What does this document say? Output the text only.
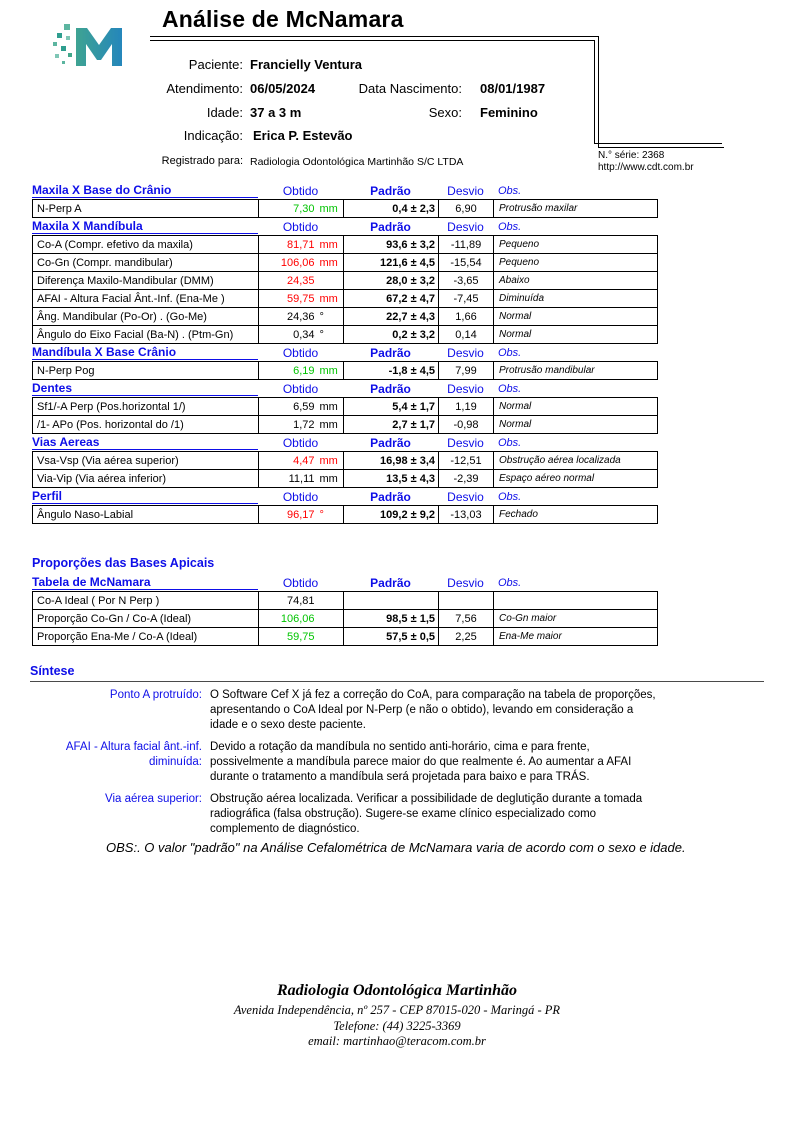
Análise de McNamara
N.° série: 2368
http://www.cdt.com.br
Paciente: Francielly Ventura
Atendimento: 06/05/2024	Data Nascimento: 08/01/1987
Idade: 37 a 3 m	Sexo: Feminino
Indicação: Erica P. Estevão
Registrado para: Radiologia Odontológica Martinhão S/C LTDA
Maxila X Base do Crânio	Obtido	Padrão	Desvio	Obs.
N-Perp A	7,30 mm	0,4 ± 2,3	6,90	Protrusão maxilar
Maxila X Mandíbula	Obtido	Padrão	Desvio	Obs.
Co-A (Compr. efetivo da maxila)	81,71 mm	93,6 ± 3,2	-11,89	Pequeno
Co-Gn (Compr. mandibular)	106,06 mm	121,6 ± 4,5	-15,54	Pequeno
Diferença Maxilo-Mandibular (DMM)	24,35	28,0 ± 3,2	-3,65	Abaixo
AFAI - Altura Facial Ânt.-Inf. (Ena-Me )	59,75 mm	67,2 ± 4,7	-7,45	Diminuída
Âng. Mandibular (Po-Or) . (Go-Me)	24,36 °	22,7 ± 4,3	1,66	Normal
Ângulo do Eixo Facial (Ba-N) . (Ptm-Gn)	0,34 °	0,2 ± 3,2	0,14	Normal
Mandíbula X Base Crânio	Obtido	Padrão	Desvio	Obs.
N-Perp Pog	6,19 mm	-1,8 ± 4,5	7,99	Protrusão mandibular
Dentes	Obtido	Padrão	Desvio	Obs.
Sf1/-A Perp (Pos.horizontal 1/)	6,59 mm	5,4 ± 1,7	1,19	Normal
/1- APo (Pos. horizontal do /1)	1,72 mm	2,7 ± 1,7	-0,98	Normal
Vias Aereas	Obtido	Padrão	Desvio	Obs.
Vsa-Vsp (Via aérea superior)	4,47 mm	16,98 ± 3,4	-12,51	Obstrução aérea localizada
Via-Vip (Via aérea inferior)	11,11 mm	13,5 ± 4,3	-2,39	Espaço aéreo normal
Perfil	Obtido	Padrão	Desvio	Obs.
Ângulo Naso-Labial	96,17 °	109,2 ± 9,2	-13,03	Fechado
Proporções das Bases Apicais
Tabela de McNamara	Obtido	Padrão	Desvio	Obs.
Co-A Ideal ( Por N Perp )	74,81			
Proporção Co-Gn / Co-A (Ideal)	106,06	98,5 ± 1,5	7,56	Co-Gn maior
Proporção Ena-Me / Co-A (Ideal)	59,75	57,5 ± 0,5	2,25	Ena-Me maior
Síntese
Ponto A protruído: O Software Cef X já fez a correção do CoA, para comparação na tabela de proporções, apresentando o CoA Ideal por N-Perp (e não o obtido), levando em consideração a idade e o sexo deste paciente.
AFAI - Altura facial ânt.-inf.
diminuída:
Devido a rotação da mandíbula no sentido anti-horário, cima e para frente, possivelmente a mandíbula parece maior do que realmente é. Ao aumentar a AFAI durante o tratamento a mandíbula será projetada para baixo e para TRÁS.
Via aérea superior: Obstrução aérea localizada. Verificar a possibilidade de deglutição durante a tomada radiográfica (falsa obstrução). Sugere-se exame clínico especializado como complemento de diagnóstico.
OBS:. O valor "padrão" na Análise Cefalométrica de McNamara varia de acordo com o sexo e idade.
Radiologia Odontológica Martinhão
Avenida Independência, nº 257 - CEP 87015-020 - Maringá - PR
Telefone: (44) 3225-3369
email: martinhao@teracom.com.br
